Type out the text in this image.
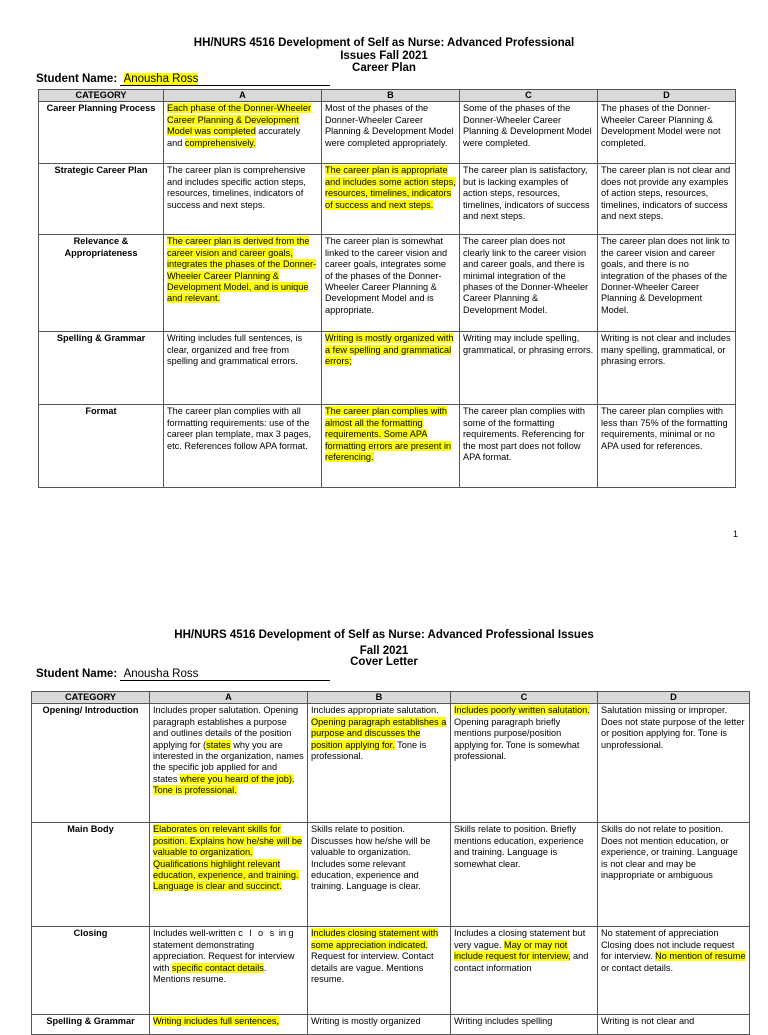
HH/NURS 4516 Development of Self as Nurse: Advanced Professional
Issues Fall 2021
Career Plan
Student Name: Anousha Ross
CATEGORY	A	B	C	D
Career Planning Process	Each phase of the Donner-Wheeler Career Planning & Development Model was completed accurately and comprehensively.	Most of the phases of the Donner-Wheeler Career Planning & Development Model were completed appropriately.	Some of the phases of the Donner-Wheeler Career Planning & Development Model were completed.	The phases of the Donner-Wheeler Career Planning & Development Model were not completed.
Strategic Career Plan	The career plan is comprehensive and includes specific action steps, resources, timelines, indicators of success and next steps.	The career plan is appropriate and includes some action steps, resources, timelines, indicators of success and next steps.	The career plan is satisfactory, but is lacking examples of action steps, resources, timelines, indicators of success and next steps.	The career plan is not clear and does not provide any examples of action steps, resources, timelines, indicators of success and next steps.
Relevance & Appropriateness	The career plan is derived from the career vision and career goals, integrates the phases of the Donner-Wheeler Career Planning & Development Model, and is unique and relevant.	The career plan is somewhat linked to the career vision and career goals, integrates some of the phases of the Donner-Wheeler Career Planning & Development Model and is appropriate.	The career plan does not clearly link to the career vision and career goals, and there is minimal integration of the phases of the Donner-Wheeler Career Planning & Development Model.	The career plan does not link to the career vision and career goals, and there is no integration of the phases of the Donner-Wheeler Career Planning & Development Model.
Spelling & Grammar	Writing includes full sentences, is clear, organized and free from spelling and grammatical errors.	Writing is mostly organized with a few spelling and grammatical errors;	Writing may include spelling, grammatical, or phrasing errors.	Writing is not clear and includes many spelling, grammatical, or phrasing errors.
Format	The career plan complies with all formatting requirements: use of the career plan template, max 3 pages, etc. References follow APA format.	The career plan complies with almost all the formatting requirements. Some APA formatting errors are present in referencing.	The career plan complies with some of the formatting requirements. Referencing for the most part does not follow APA format.	The career plan complies with less than 75% of the formatting requirements, minimal or no APA used for references.
1
HH/NURS 4516 Development of Self as Nurse: Advanced Professional Issues
Fall 2021
Cover Letter
Student Name: Anousha Ross
CATEGORY	A	B	C	D
Opening/ Introduction	Includes proper salutation. Opening paragraph establishes a purpose and outlines details of the position applying for (states why you are interested in the organization, names the specific job applied for and states where you heard of the job). Tone is professional.	Includes appropriate salutation. Opening paragraph establishes a purpose and discusses the position applying for. Tone is professional.	Includes poorly written salutation. Opening paragraph briefly mentions purpose/position applying for. Tone is somewhat professional.	Salutation missing or improper. Does not state purpose of the letter or position applying for. Tone is unprofessional.
Main Body	Elaborates on relevant skills for position. Explains how he/she will be valuable to organization. Qualifications highlight relevant education, experience, and training. Language is clear and succinct.	Skills relate to position. Discusses how he/she will be valuable to organization. Includes some relevant education, experience and training. Language is clear.	Skills relate to position. Briefly mentions education, experience and training. Language is somewhat clear.	Skills do not relate to position. Does not mention education, or experience, or training. Language is not clear and may be inappropriate or ambiguous
Closing	Includes well-written c l o s in g statement demonstrating appreciation. Request for interview with specific contact details. Mentions resume.	Includes closing statement with some appreciation indicated. Request for interview. Contact details are vague. Mentions resume.	Includes a closing statement but very vague. May or may not include request for interview, and contact information	No statement of appreciation Closing does not include request for interview. No mention of resume or contact details.
Spelling & Grammar	Writing includes full sentences,	Writing is mostly organized	Writing includes spelling	Writing is not clear and
